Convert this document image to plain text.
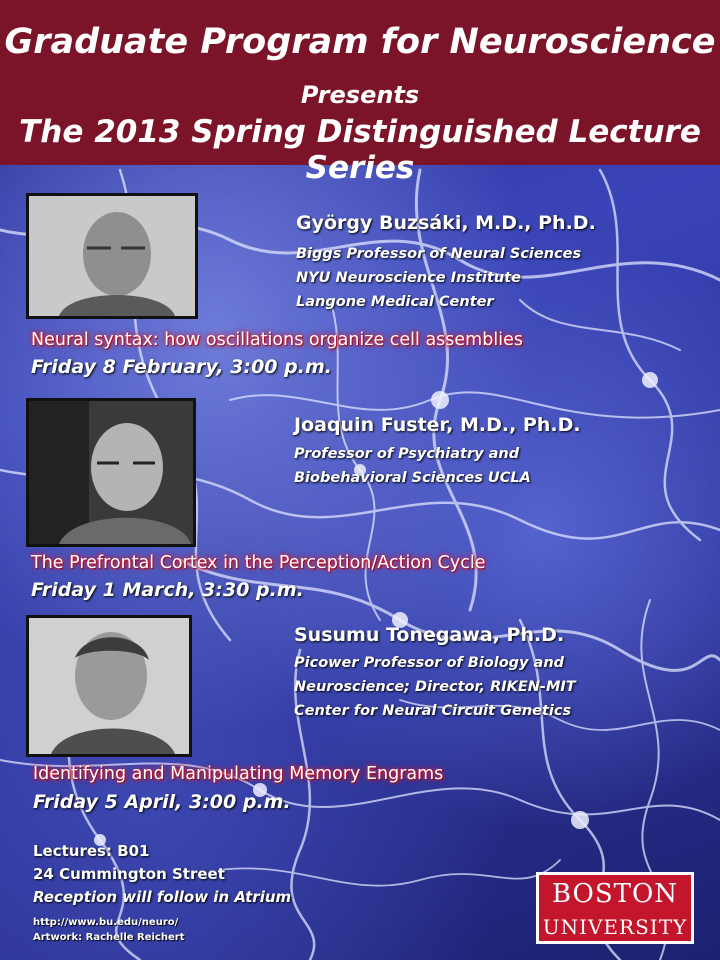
Graduate Program for Neuroscience
Presents
The 2013 Spring Distinguished Lecture Series
György Buzsáki, M.D., Ph.D.
Biggs Professor of Neural Sciences
NYU Neuroscience Institute
Langone Medical Center
Neural syntax: how oscillations organize cell assemblies
Friday 8 February, 3:00 p.m.
Joaquin Fuster, M.D., Ph.D.
Professor of Psychiatry and
Biobehavioral Sciences UCLA
The Prefrontal Cortex in the Perception/Action Cycle
Friday 1 March, 3:30 p.m.
Susumu Tonegawa, Ph.D.
Picower Professor of Biology and
Neuroscience; Director, RIKEN-MIT
Center for Neural Circuit Genetics
Identifying and Manipulating Memory Engrams
Friday 5 April, 3:00 p.m.
Lectures: B01
24 Cummington Street
Reception will follow in Atrium
http://www.bu.edu/neuro/
Artwork: Rachelle Reichert
BOSTON
UNIVERSITY
